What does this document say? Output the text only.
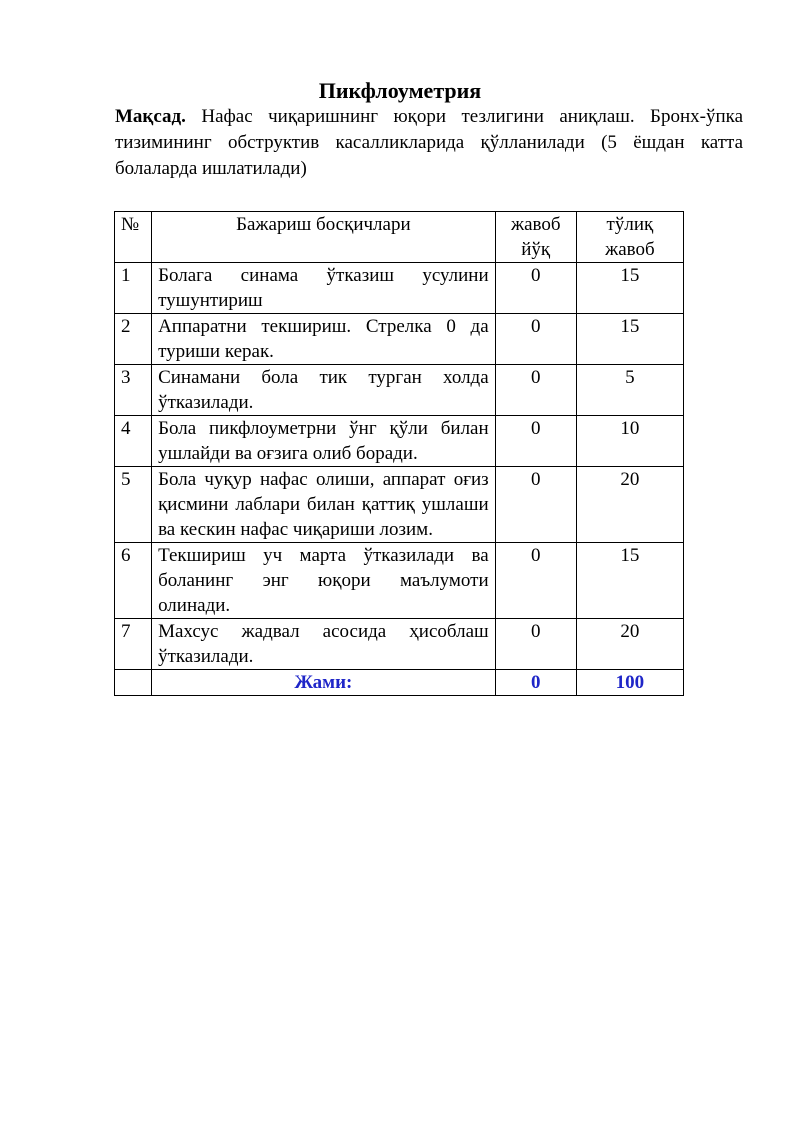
Пикфлоуметрия
Мақсад. Нафас чиқаришнинг юқори тезлигини аниқлаш. Бронх-ўпка тизимининг обструктив касалликларида қўлланилади (5 ёшдан катта болаларда ишлатилади)
№	Бажариш босқичлари	жавоб йўқ	тўлиқ жавоб
1	Болага синама ўтказиш усулини тушунтириш	0	15
2	Аппаратни текшириш. Стрелка 0 да туриши керак.	0	15
3	Синамани бола тик турган холда ўтказилади.	0	5
4	Бола пикфлоуметрни ўнг қўли билан ушлайди ва оғзига олиб боради.	0	10
5	Бола чуқур нафас олиши, аппарат оғиз қисмини лаблари билан қаттиқ ушлаши ва кескин нафас чиқариши лозим.	0	20
6	Текшириш уч марта ўтказилади ва боланинг энг юқори маълумоти олинади.	0	15
7	Махсус жадвал асосида ҳисоблаш ўтказилади.	0	20
	Жами:	0	100
